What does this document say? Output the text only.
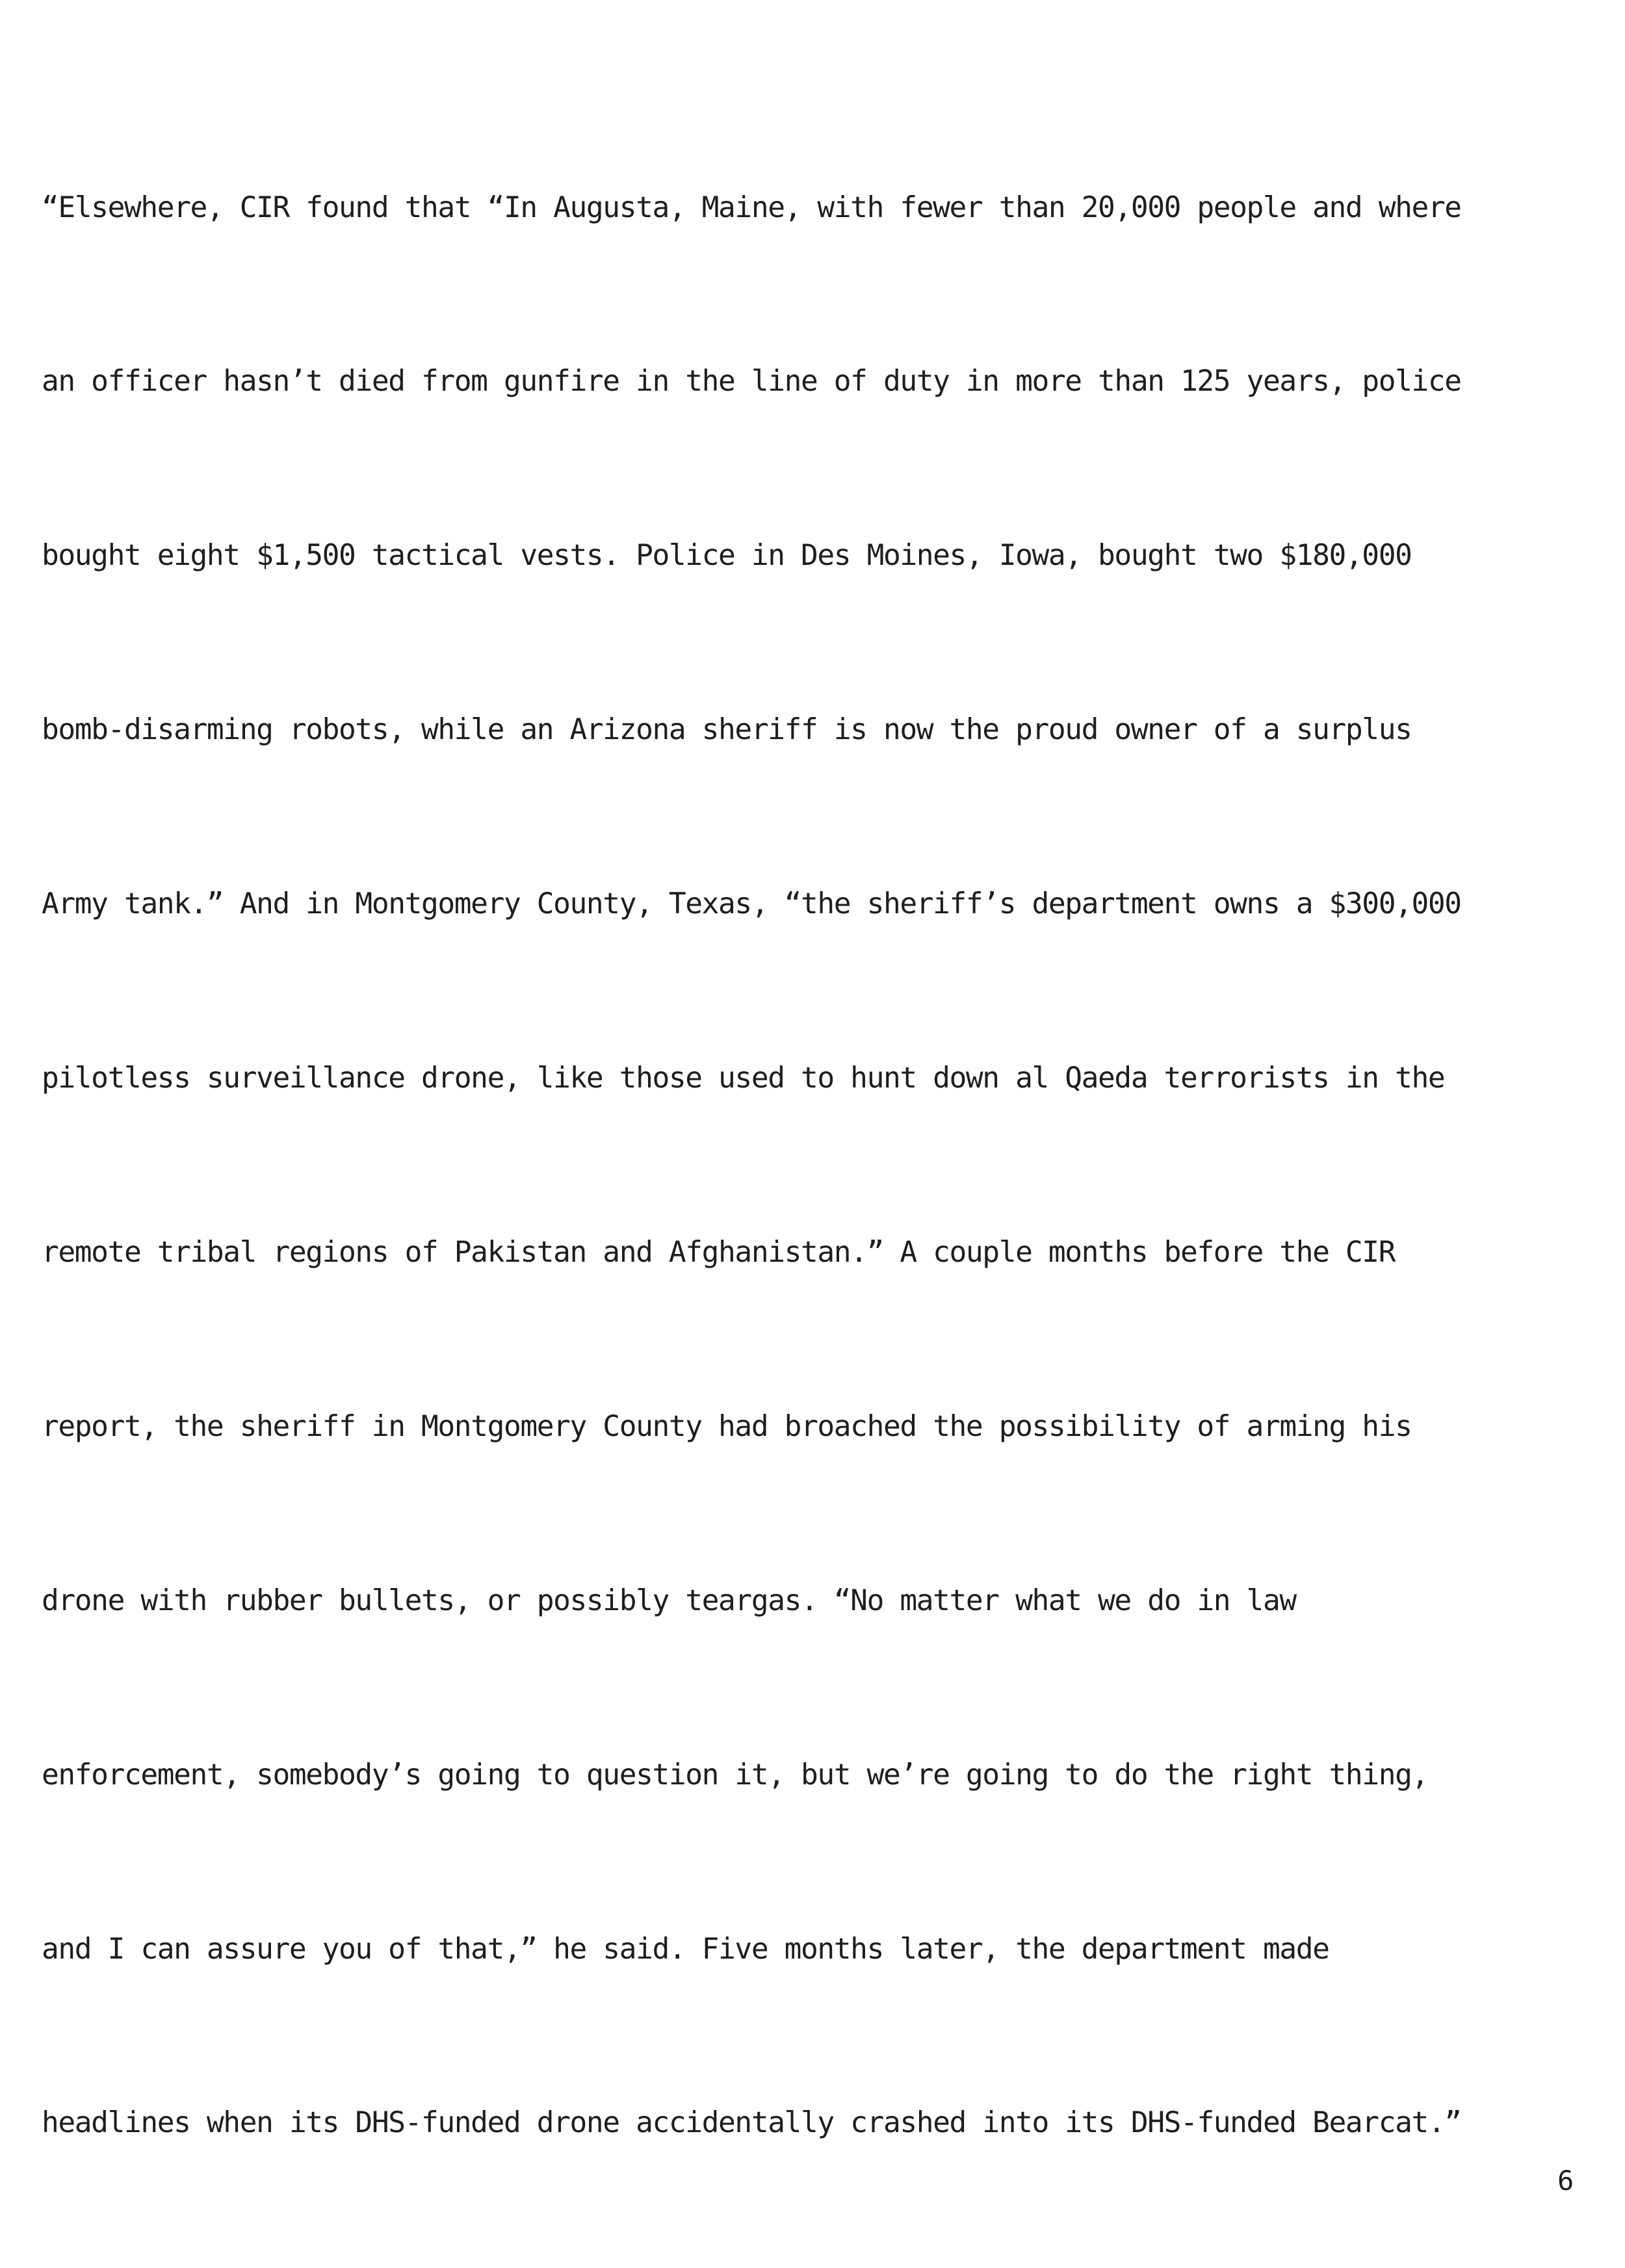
“Elsewhere, CIR found that “In Augusta, Maine, with fewer than 20,000 people and where

an officer hasn’t died from gunfire in the line of duty in more than 125 years, police

bought eight $1,500 tactical vests. Police in Des Moines, Iowa, bought two $180,000

bomb-disarming robots, while an Arizona sheriff is now the proud owner of a surplus

Army tank.” And in Montgomery County, Texas, “the sheriff’s department owns a $300,000

pilotless surveillance drone, like those used to hunt down al Qaeda terrorists in the

remote tribal regions of Pakistan and Afghanistan.” A couple months before the CIR

report, the sheriff in Montgomery County had broached the possibility of arming his

drone with rubber bullets, or possibly teargas. “No matter what we do in law

enforcement, somebody’s going to question it, but we’re going to do the right thing,

and I can assure you of that,” he said. Five months later, the department made

headlines when its DHS-funded drone accidentally crashed into its DHS-funded Bearcat.”

6
